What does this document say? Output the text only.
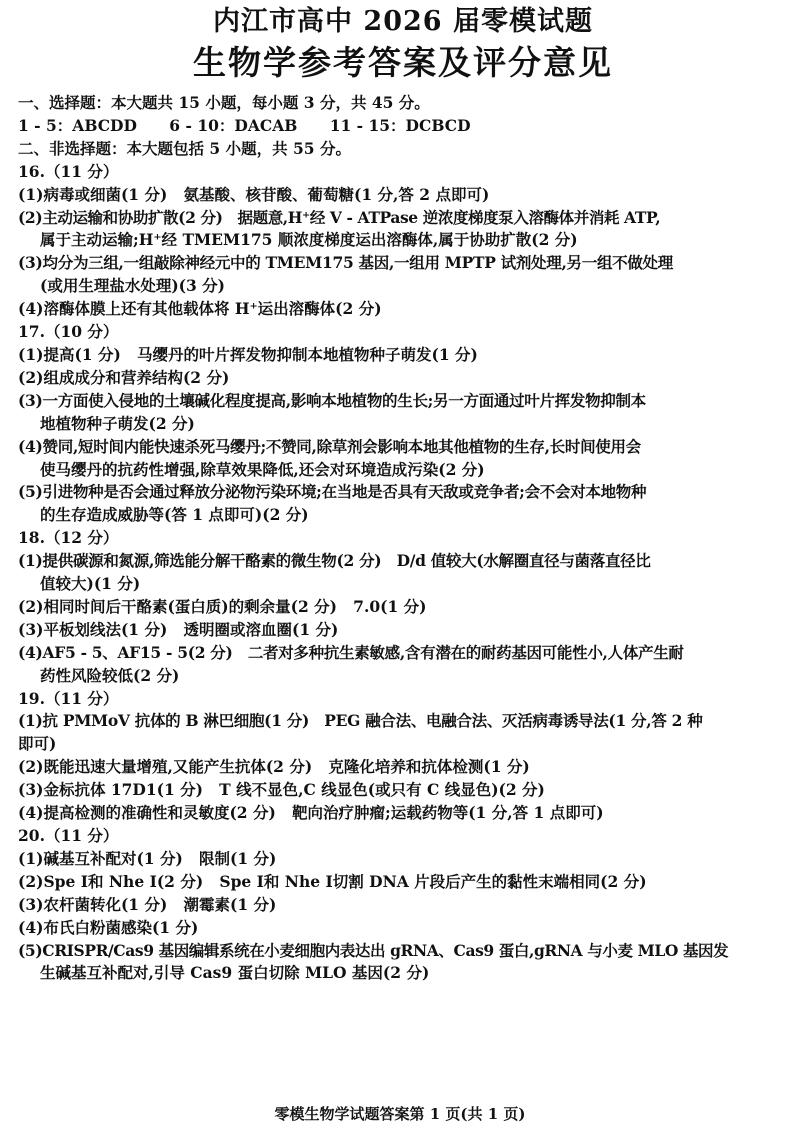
内江市高中 2026 届零模试题
生物学参考答案及评分意见
一、选择题：本大题共 15 小题，每小题 3 分，共 45 分。
1 - 5：ABCDD      6 - 10：DACAB      11 - 15：DCBCD
二、非选择题：本大题包括 5 小题，共 55 分。
16.（11 分）
(1)病毒或细菌(1 分)   氨基酸、核苷酸、葡萄糖(1 分,答 2 点即可)
(2)主动运输和协助扩散(2 分)   据题意,H⁺经 V - ATPase 逆浓度梯度泵入溶酶体并消耗 ATP,
属于主动运输;H⁺经 TMEM175 顺浓度梯度运出溶酶体,属于协助扩散(2 分)
(3)均分为三组,一组敲除神经元中的 TMEM175 基因,一组用 MPTP 试剂处理,另一组不做处理
(或用生理盐水处理)(3 分)
(4)溶酶体膜上还有其他载体将 H⁺运出溶酶体(2 分)
17.（10 分）
(1)提高(1 分)   马缨丹的叶片挥发物抑制本地植物种子萌发(1 分)
(2)组成成分和营养结构(2 分)
(3)一方面使入侵地的土壤碱化程度提高,影响本地植物的生长;另一方面通过叶片挥发物抑制本
地植物种子萌发(2 分)
(4)赞同,短时间内能快速杀死马缨丹;不赞同,除草剂会影响本地其他植物的生存,长时间使用会
使马缨丹的抗药性增强,除草效果降低,还会对环境造成污染(2 分)
(5)引进物种是否会通过释放分泌物污染环境;在当地是否具有天敌或竞争者;会不会对本地物种
的生存造成威胁等(答 1 点即可)(2 分)
18.（12 分）
(1)提供碳源和氮源,筛选能分解干酪素的微生物(2 分)   D/d 值较大(水解圈直径与菌落直径比
值较大)(1 分)
(2)相同时间后干酪素(蛋白质)的剩余量(2 分)   7.0(1 分)
(3)平板划线法(1 分)   透明圈或溶血圈(1 分)
(4)AF5 - 5、AF15 - 5(2 分)   二者对多种抗生素敏感,含有潜在的耐药基因可能性小,人体产生耐
药性风险较低(2 分)
19.（11 分）
(1)抗 PMMoV 抗体的 B 淋巴细胞(1 分)   PEG 融合法、电融合法、灭活病毒诱导法(1 分,答 2 种
即可)
(2)既能迅速大量增殖,又能产生抗体(2 分)   克隆化培养和抗体检测(1 分)
(3)金标抗体 17D1(1 分)   T 线不显色,C 线显色(或只有 C 线显色)(2 分)
(4)提高检测的准确性和灵敏度(2 分)   靶向治疗肿瘤;运载药物等(1 分,答 1 点即可)
20.（11 分）
(1)碱基互补配对(1 分)   限制(1 分)
(2)Spe Ⅰ和 Nhe Ⅰ(2 分)   Spe Ⅰ和 Nhe Ⅰ切割 DNA 片段后产生的黏性末端相同(2 分)
(3)农杆菌转化(1 分)   潮霉素(1 分)
(4)布氏白粉菌感染(1 分)
(5)CRISPR/Cas9 基因编辑系统在小麦细胞内表达出 gRNA、Cas9 蛋白,gRNA 与小麦 MLO 基因发
生碱基互补配对,引导 Cas9 蛋白切除 MLO 基因(2 分)
零模生物学试题答案第 1 页(共 1 页)
